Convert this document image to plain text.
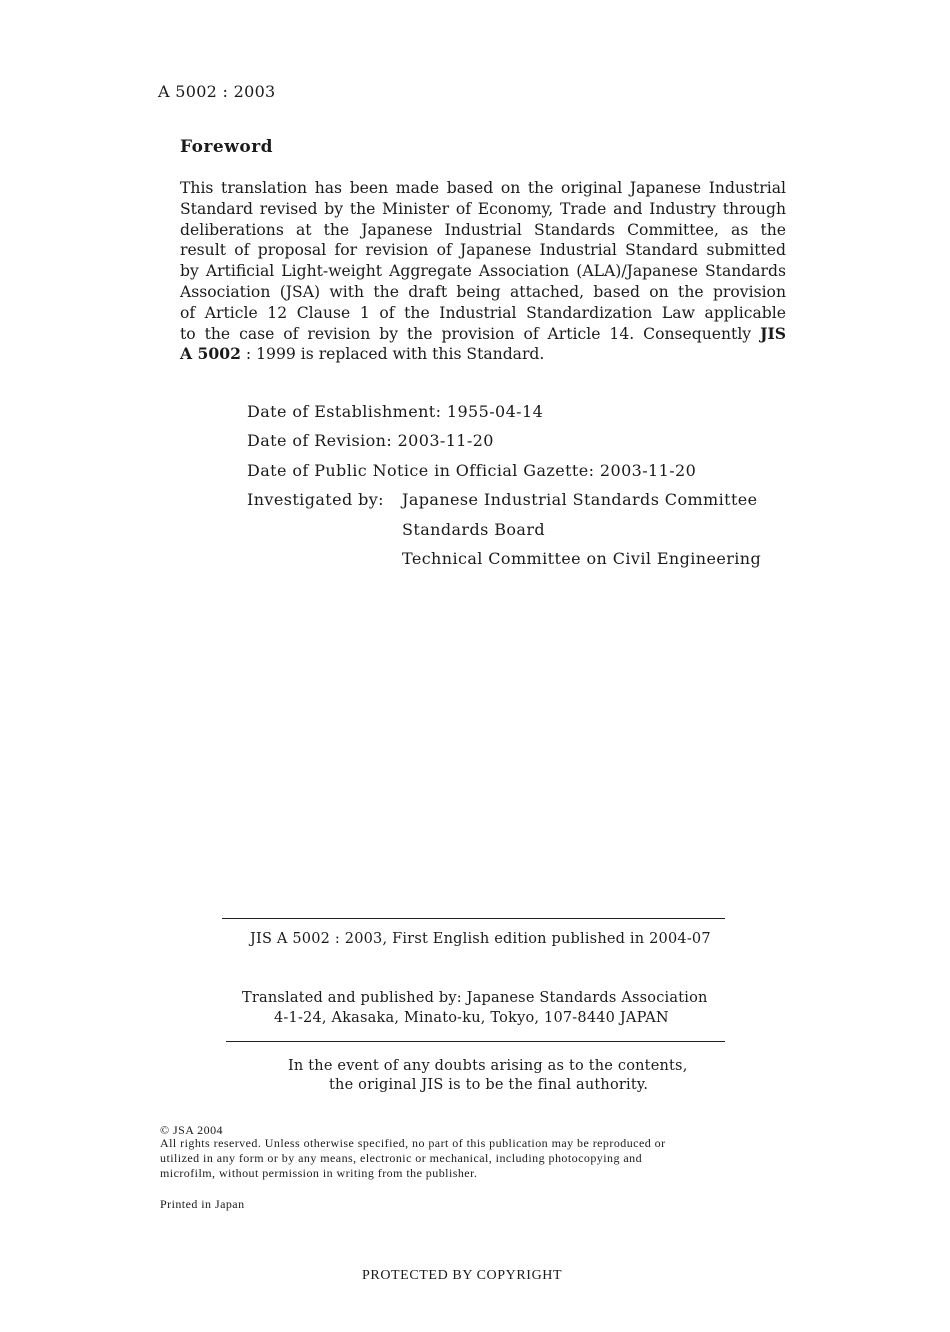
A 5002 : 2003
Foreword
This translation has been made based on the original Japanese Industrial
Standard revised by the Minister of Economy, Trade and Industry through
deliberations at the Japanese Industrial Standards Committee, as the
result of proposal for revision of Japanese Industrial Standard submitted
by Artificial Light-weight Aggregate Association (ALA)/Japanese Standards
Association (JSA) with the draft being attached, based on the provision
of Article 12 Clause 1 of the Industrial Standardization Law applicable
to the case of revision by the provision of Article 14. Consequently JIS
A 5002 : 1999 is replaced with this Standard.
Date of Establishment: 1955-04-14
Date of Revision: 2003-11-20
Date of Public Notice in Official Gazette: 2003-11-20
Investigated by: Japanese Industrial Standards Committee
Standards Board
Technical Committee on Civil Engineering
JIS A 5002 : 2003, First English edition published in 2004-07
Translated and published by: Japanese Standards Association
4-1-24, Akasaka, Minato-ku, Tokyo, 107-8440 JAPAN
In the event of any doubts arising as to the contents,
the original JIS is to be the final authority.
© JSA 2004
All rights reserved. Unless otherwise specified, no part of this publication may be reproduced or
utilized in any form or by any means, electronic or mechanical, including photocopying and
microfilm, without permission in writing from the publisher.
Printed in Japan
PROTECTED BY COPYRIGHT
